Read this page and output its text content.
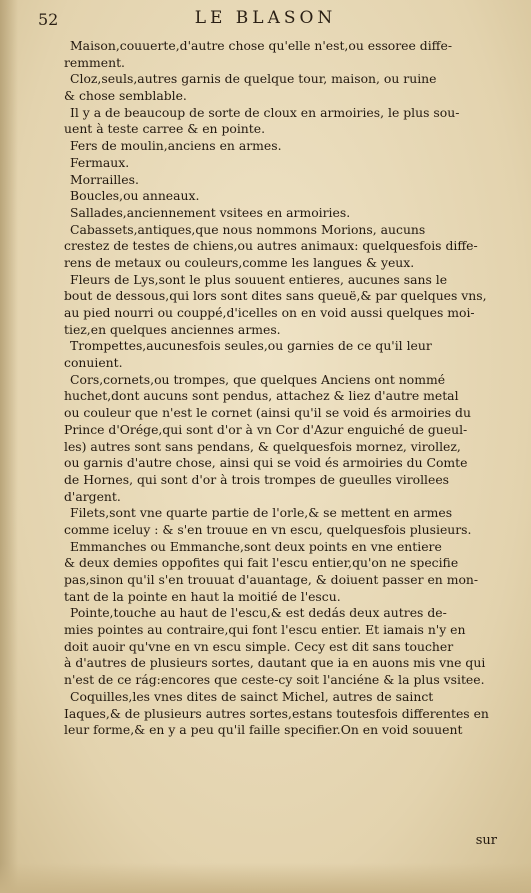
52	LE BLASON
Maison,couuerte,d'autre chose qu'elle n'est,ou essoree diffe-
remment.
Cloz,seuls,autres garnis de quelque tour, maison, ou ruine
& chose semblable.
Il y a de beaucoup de sorte de cloux en armoiries, le plus sou-
uent à teste carree & en pointe.
Fers de moulin,anciens en armes.
Fermaux.
Morrailles.
Boucles,ou anneaux.
Sallades,anciennement vsitees en armoiries.
Cabassets,antiques,que nous nommons Morions, aucuns
crestez de testes de chiens,ou autres animaux: quelquesfois diffe-
rens de metaux ou couleurs,comme les langues & yeux.
Fleurs de Lys,sont le plus souuent entieres, aucunes sans le
bout de dessous,qui lors sont dites sans queuë,& par quelques vns,
au pied nourri ou couppé,d'icelles on en void aussi quelques moi-
tiez,en quelques anciennes armes.
Trompettes,aucunesfois seules,ou garnies de ce qu'il leur
conuient.
Cors,cornets,ou trompes, que quelques Anciens ont nommé
huchet,dont aucuns sont pendus, attachez & liez d'autre metal
ou couleur que n'est le cornet (ainsi qu'il se void és armoiries du
Prince d'Orége,qui sont d'or à vn Cor d'Azur enguiché de gueul-
les) autres sont sans pendans, & quelquesfois mornez, virollez,
ou garnis d'autre chose, ainsi qui se void és armoiries du Comte
de Hornes, qui sont d'or à trois trompes de gueulles virollees
d'argent.
Filets,sont vne quarte partie de l'orle,& se mettent en armes
comme iceluy : & s'en trouue en vn escu, quelquesfois plusieurs.
Emmanches ou Emmanche,sont deux points en vne entiere
& deux demies oppofites qui fait l'escu entier,qu'on ne specifie
pas,sinon qu'il s'en trouuat d'auantage, & doiuent passer en mon-
tant de la pointe en haut la moitié de l'escu.
Pointe,touche au haut de l'escu,& est dedás deux autres de-
mies pointes au contraire,qui font l'escu entier. Et iamais n'y en
doit auoir qu'vne en vn escu simple. Cecy est dit sans toucher
à d'autres de plusieurs sortes, dautant que ia en auons mis vne qui
n'est de ce rág:encores que ceste-cy soit l'anciéne & la plus vsitee.
Coquilles,les vnes dites de sainct Michel, autres de sainct
Iaques,& de plusieurs autres sortes,estans toutesfois differentes en
leur forme,& en y a peu qu'il faille specifier.On en void souuent
sur
